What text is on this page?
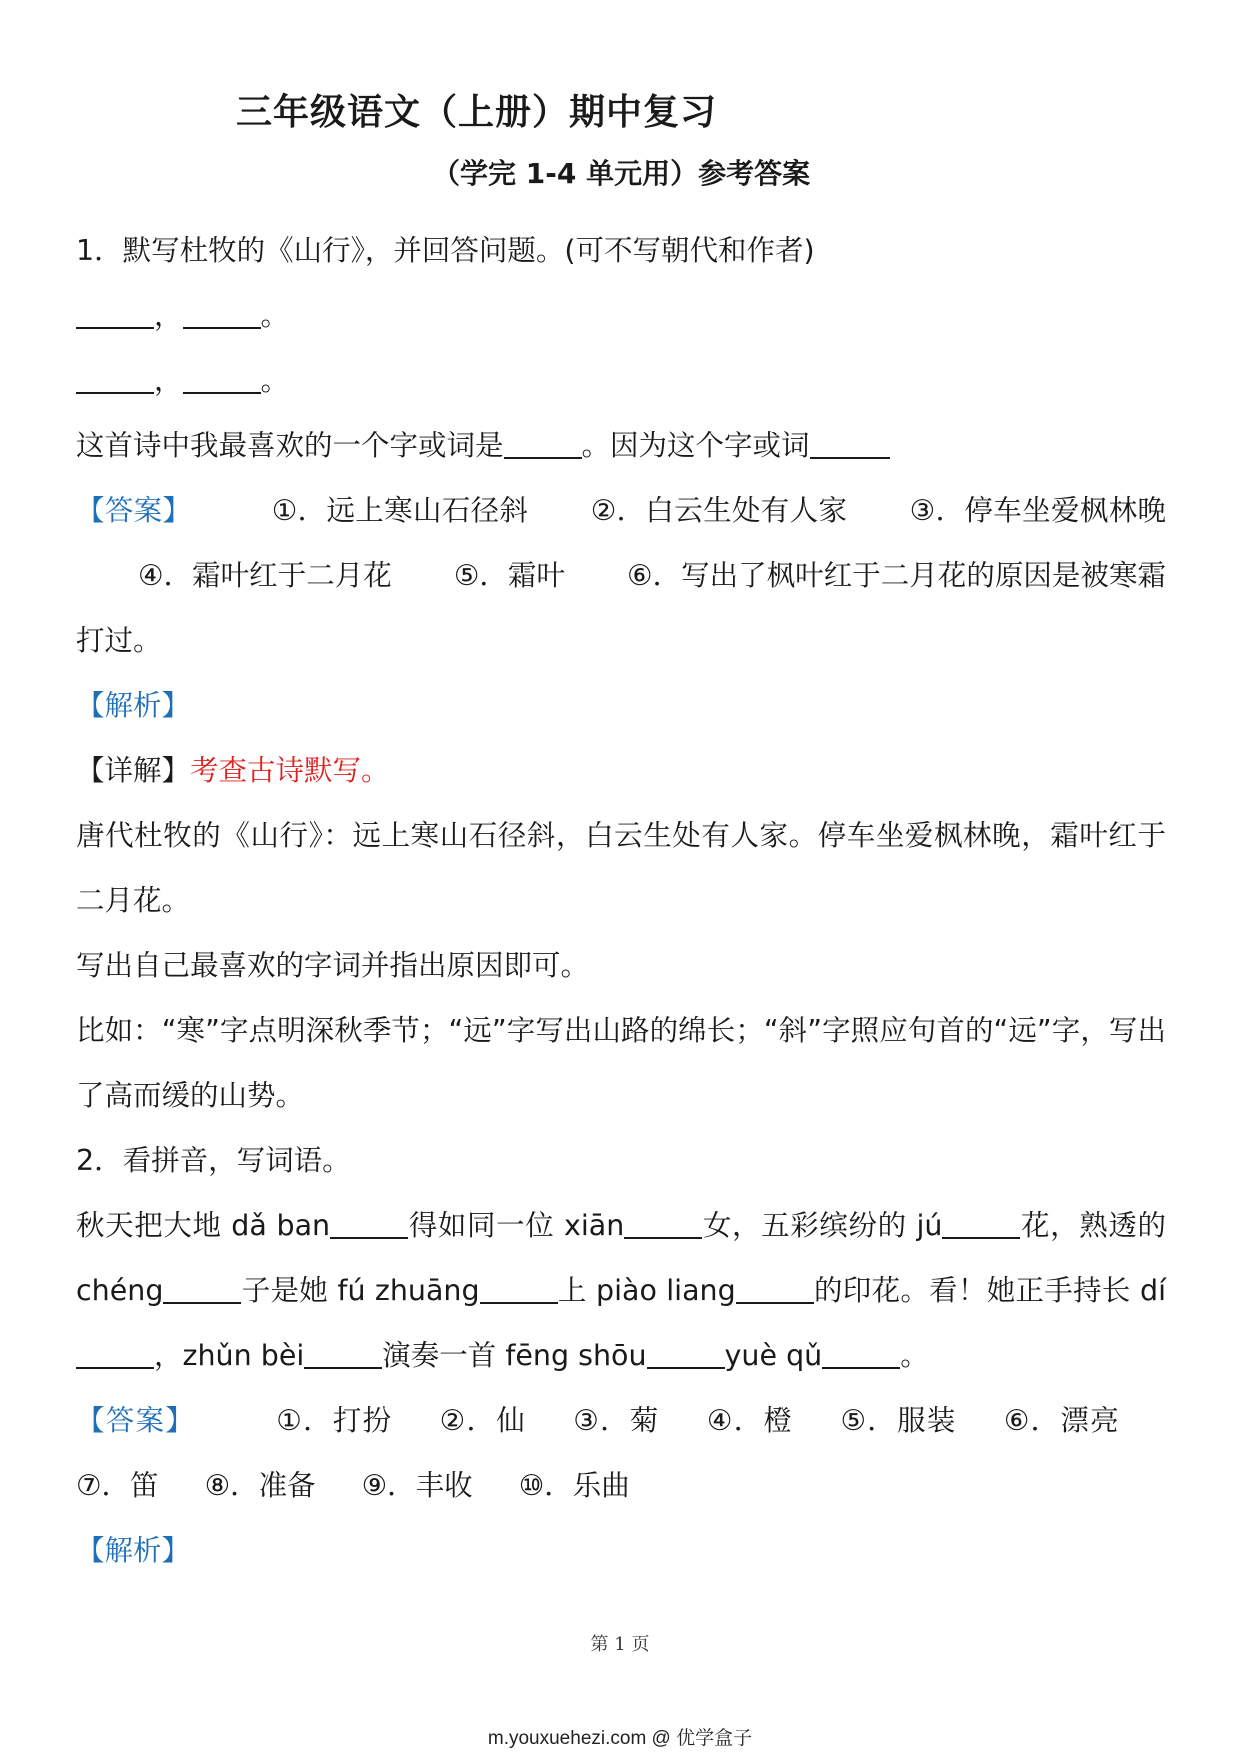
三年级语文（上册）期中复习
（学完 1-4 单元用）参考答案

1．默写杜牧的《山行》，并回答问题。(可不写朝代和作者)

，	。

，	。

这首诗中我最喜欢的一个字或词是	。因为这个字或词

【答案】	①．远上寒山石径斜 ②．白云生处有人家 ③．停车坐爱枫林晚④．霜叶红于二月花 ⑤．霜叶 ⑥．写出了枫叶红于二月花的原因是被寒霜打过。

【解析】

【详解】考查古诗默写。

唐代杜牧的《山行》：远上寒山石径斜，白云生处有人家。停车坐爱枫林晚，霜叶红于二月花。

写出自己最喜欢的字词并指出原因即可。

比如：“寒”字点明深秋季节；“远”字写出山路的绵长；“斜”字照应句首的“远”字，写出了高而缓的山势。

2．看拼音，写词语。

秋天把大地 dǎ ban	得如同一位 xiān	女，五彩缤纷的 jú	花，熟透的 chéng	子是她 fú zhuāng	上 piào liang	的印花。看！她正手持长 dí，zhǔn bèi	演奏一首 fēng shōu	yuè qǔ	。

【答案】	①．打扮 ②．仙 ③．菊 ④．橙 ⑤．服装 ⑥．漂亮⑦．笛 ⑧．准备 ⑨．丰收 ⑩．乐曲

【解析】

第 1 页
m.youxuehezi.com @ 优学盒子
